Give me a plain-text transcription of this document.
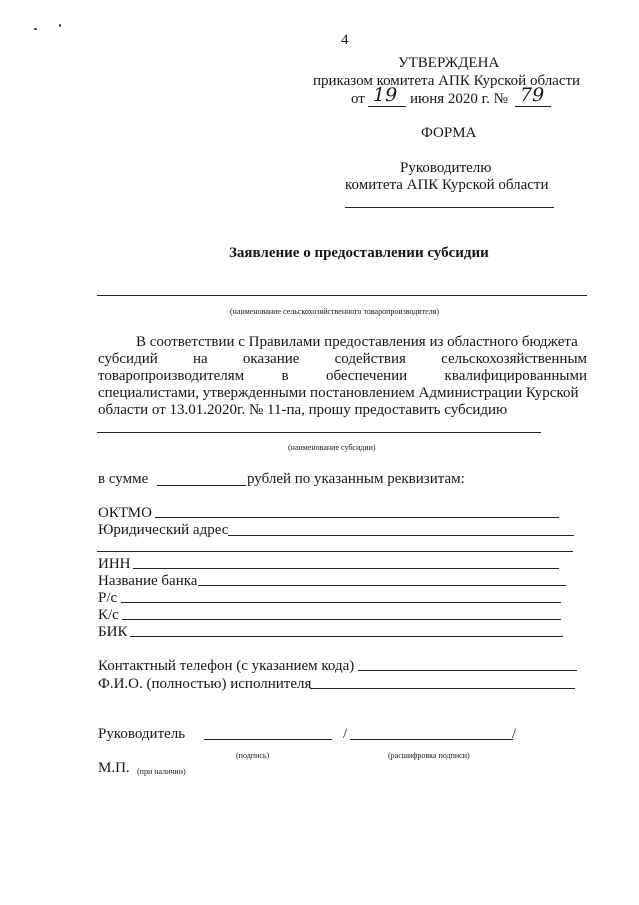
4
УТВЕРЖДЕНА
приказом комитета АПК Курской области
от 19 июня 2020 г. № 79
ФОРМА
Руководителю
комитета АПК Курской области
Заявление о предоставлении субсидии
(наименование сельскохозяйственного товаропроизводителя)
В соответствии с Правилами предоставления из областного бюджета
субсидий на оказание содействия сельскохозяйственным
товаропроизводителям в обеспечении квалифицированными
специалистами, утвержденными постановлением Администрации Курской
области от 13.01.2020г. № 11-па, прошу предоставить субсидию
(наименование субсидии)
в сумме	рублей по указанным реквизитам:
ОКТМО
Юридический адрес
ИНН
Название банка
Р/с
К/с
БИК
Контактный телефон (с указанием кода)
Ф.И.О. (полностью) исполнителя
Руководитель	/	/
(подпись)	(расшифровка подписи)
М.П. (при наличии)
